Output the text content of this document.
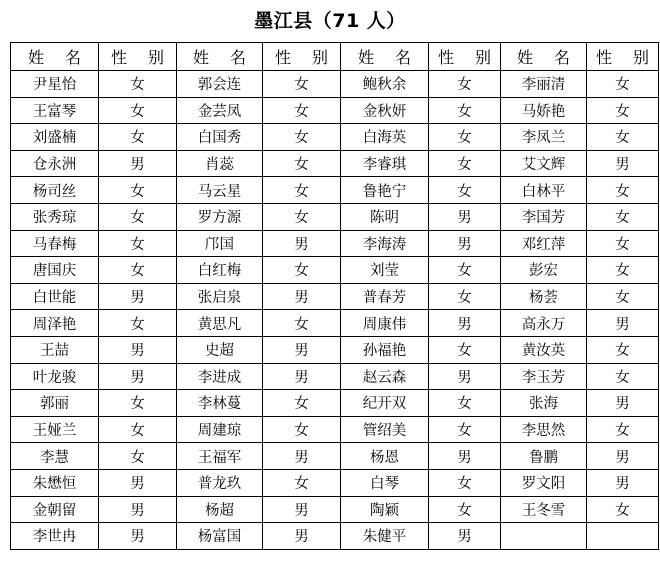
墨江县（71 人）
姓 名	性 别	姓 名	性 别	姓 名	性 别	姓 名	性 别
尹星怡	女	郭会连	女	鲍秋余	女	李丽清	女
王富琴	女	金芸凤	女	金秋妍	女	马娇艳	女
刘盛楠	女	白国秀	女	白海英	女	李凤兰	女
仓永洲	男	肖蕊	女	李睿琪	女	艾文辉	男
杨司丝	女	马云星	女	鲁艳宁	女	白林平	女
张秀琼	女	罗方源	女	陈明	男	李国芳	女
马春梅	女	邝国	男	李海涛	男	邓红萍	女
唐国庆	女	白红梅	女	刘莹	女	彭宏	女
白世能	男	张启泉	男	普春芳	女	杨荟	女
周泽艳	女	黄思凡	女	周康伟	男	高永万	男
王喆	男	史超	男	孙福艳	女	黄汝英	女
叶龙骏	男	李进成	男	赵云森	男	李玉芳	女
郭丽	女	李林蔓	女	纪开双	女	张海	男
王娅兰	女	周建琼	女	管绍美	女	李思然	女
李慧	女	王福军	男	杨恩	男	鲁鹏	男
朱懋恒	男	普龙玖	女	白琴	女	罗文阳	男
金朝留	男	杨超	男	陶颖	女	王冬雪	女
李世冉	男	杨富国	男	朱健平	男		
